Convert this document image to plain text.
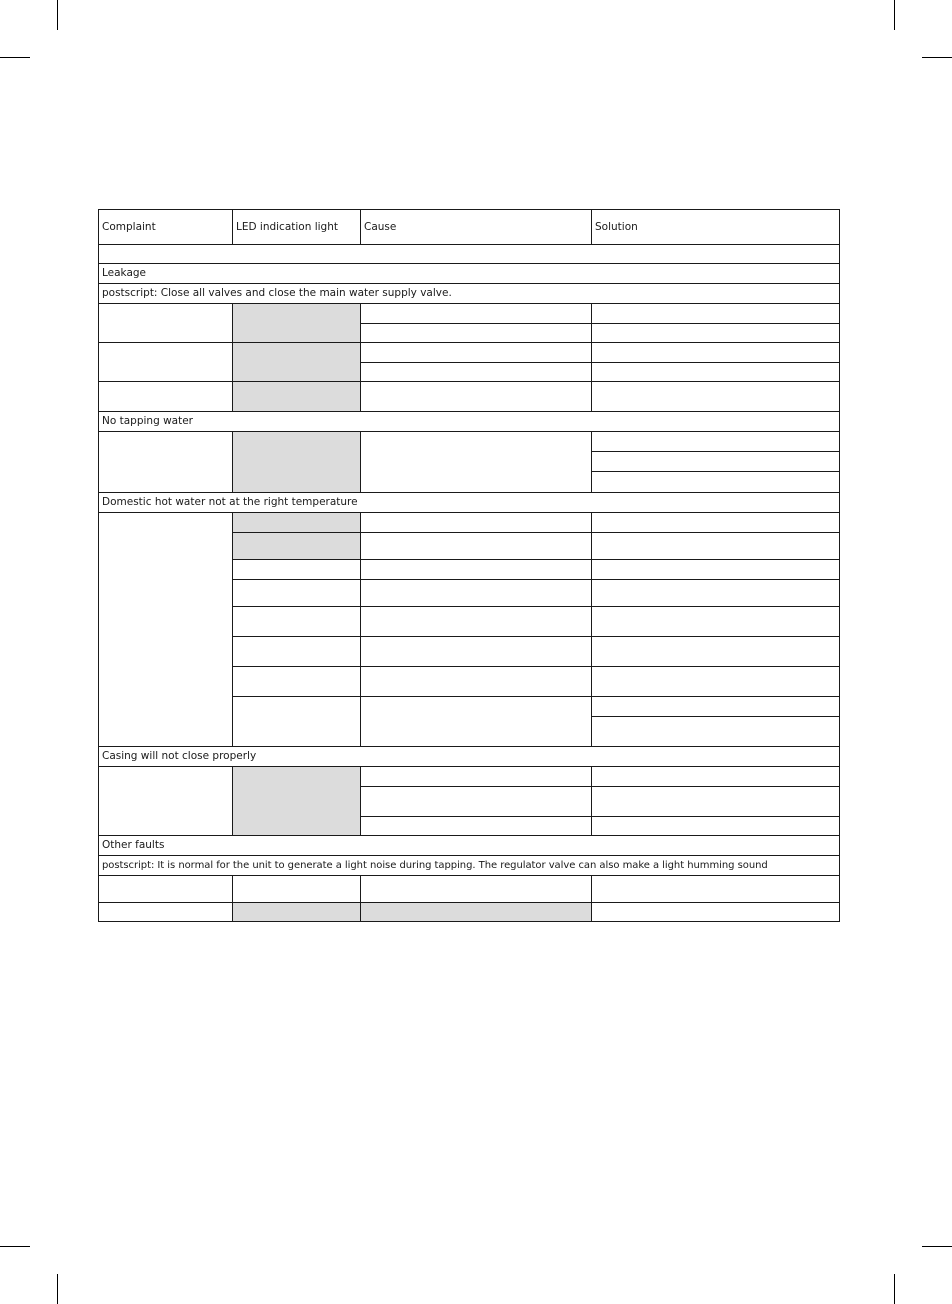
Complaint	LED indication light	Cause	Solution

Leakage			
postscript: Close all valves and close the main water supply valve.			

No tapping water			

Domestic hot water not at the right temperature			

Casing will not close properly			

Other faults			
postscript: It is normal for the unit to generate a light noise during tapping. The regulator valve can also make a light humming sound			
